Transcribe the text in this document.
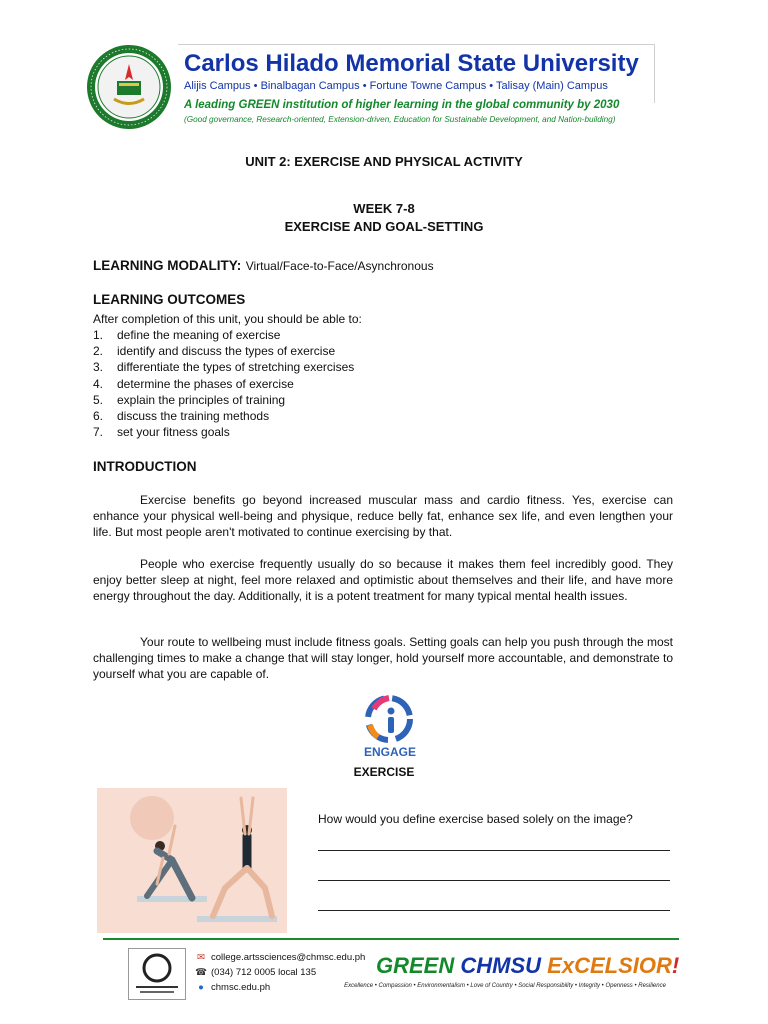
Carlos Hilado Memorial State University
Alijis Campus • Binalbagan Campus • Fortune Towne Campus • Talisay (Main) Campus
A leading GREEN institution of higher learning in the global community by 2030
(Good governance, Research-oriented, Extension-driven, Education for Sustainable Development, and Nation-building)
UNIT 2: EXERCISE AND PHYSICAL ACTIVITY
WEEK 7-8
EXERCISE AND GOAL-SETTING
LEARNING MODALITY: Virtual/Face-to-Face/Asynchronous
LEARNING OUTCOMES
After completion of this unit, you should be able to:
1. define the meaning of exercise
2. identify and discuss the types of exercise
3. differentiate the types of stretching exercises
4. determine the phases of exercise
5. explain the principles of training
6. discuss the training methods
7. set your fitness goals
INTRODUCTION

Exercise benefits go beyond increased muscular mass and cardio fitness. Yes, exercise can enhance your physical well-being and physique, reduce belly fat, enhance sex life, and even lengthen your life. But most people aren't motivated to continue exercising by that.

People who exercise frequently usually do so because it makes them feel incredibly good. They enjoy better sleep at night, feel more relaxed and optimistic about themselves and their life, and have more energy throughout the day. Additionally, it is a potent treatment for many typical mental health issues.

Your route to wellbeing must include fitness goals. Setting goals can help you push through the most challenging times to make a change that will stay longer, hold yourself more accountable, and demonstrate to yourself what you are capable of.

ENGAGE
EXERCISE
How would you define exercise based solely on the image?
✉ college.artssciences@chmsc.edu.ph
☎ (034) 712 0005 local 135
● chmsc.edu.ph
GREEN CHMSU ExCELSIOR!
Excellence • Compassion • Environmentalism • Love of Country • Social Responsibility • Integrity • Openness • Resilience
